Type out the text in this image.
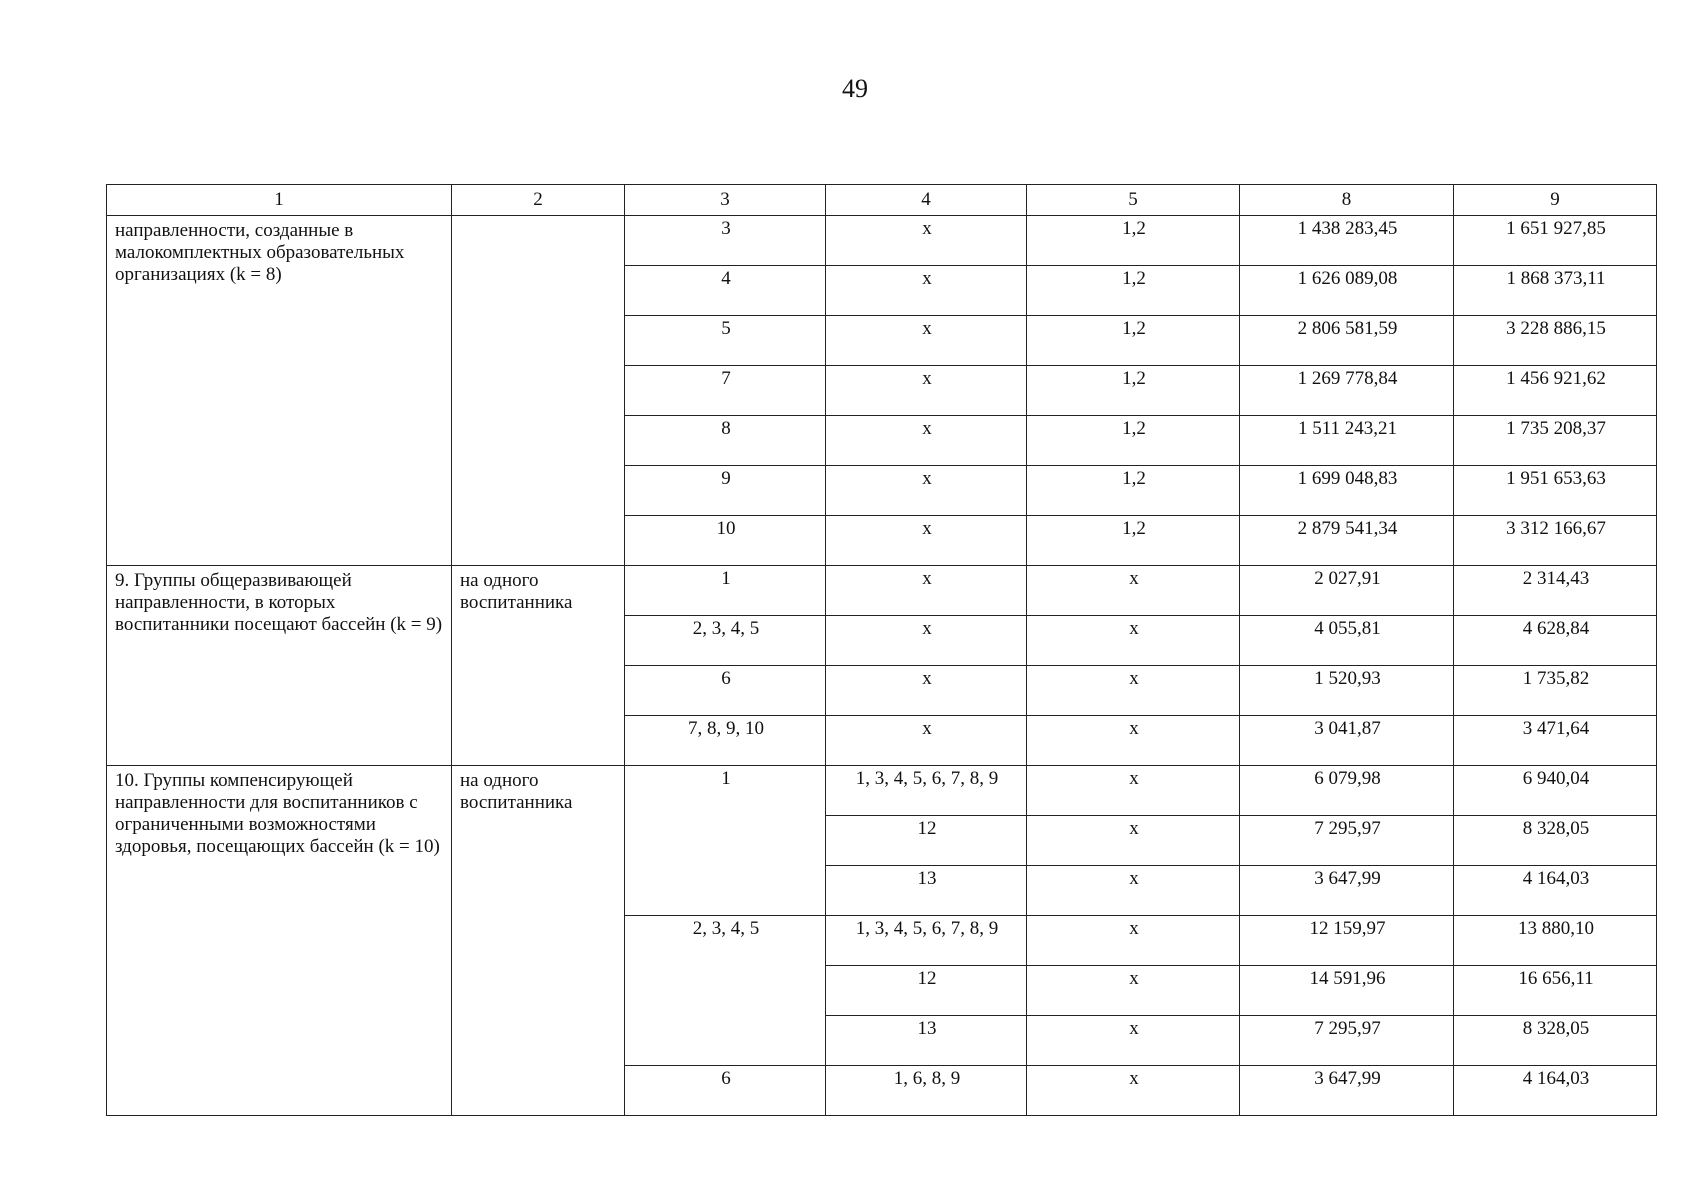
49
1	2	3	4	5	8	9
направленности, созданные в малокомплектных образовательных организациях (k = 8)		3	х	1,2	1 438 283,45	1 651 927,85
		4	х	1,2	1 626 089,08	1 868 373,11
		5	х	1,2	2 806 581,59	3 228 886,15
		7	х	1,2	1 269 778,84	1 456 921,62
		8	х	1,2	1 511 243,21	1 735 208,37
		9	х	1,2	1 699 048,83	1 951 653,63
		10	х	1,2	2 879 541,34	3 312 166,67
9. Группы общеразвивающей направленности, в которых воспитанники посещают бассейн (k = 9)	на одного воспитанника	1	х	х	2 027,91	2 314,43
		2, 3, 4, 5	х	х	4 055,81	4 628,84
		6	х	х	1 520,93	1 735,82
		7, 8, 9, 10	х	х	3 041,87	3 471,64
10. Группы компенсирующей направленности для воспитанников с ограниченными возможностями здоровья, посещающих бассейн (k = 10)	на одного воспитанника	1	1, 3, 4, 5, 6, 7, 8, 9	х	6 079,98	6 940,04
			12	х	7 295,97	8 328,05
			13	х	3 647,99	4 164,03
		2, 3, 4, 5	1, 3, 4, 5, 6, 7, 8, 9	х	12 159,97	13 880,10
			12	х	14 591,96	16 656,11
			13	х	7 295,97	8 328,05
		6	1, 6, 8, 9	х	3 647,99	4 164,03
